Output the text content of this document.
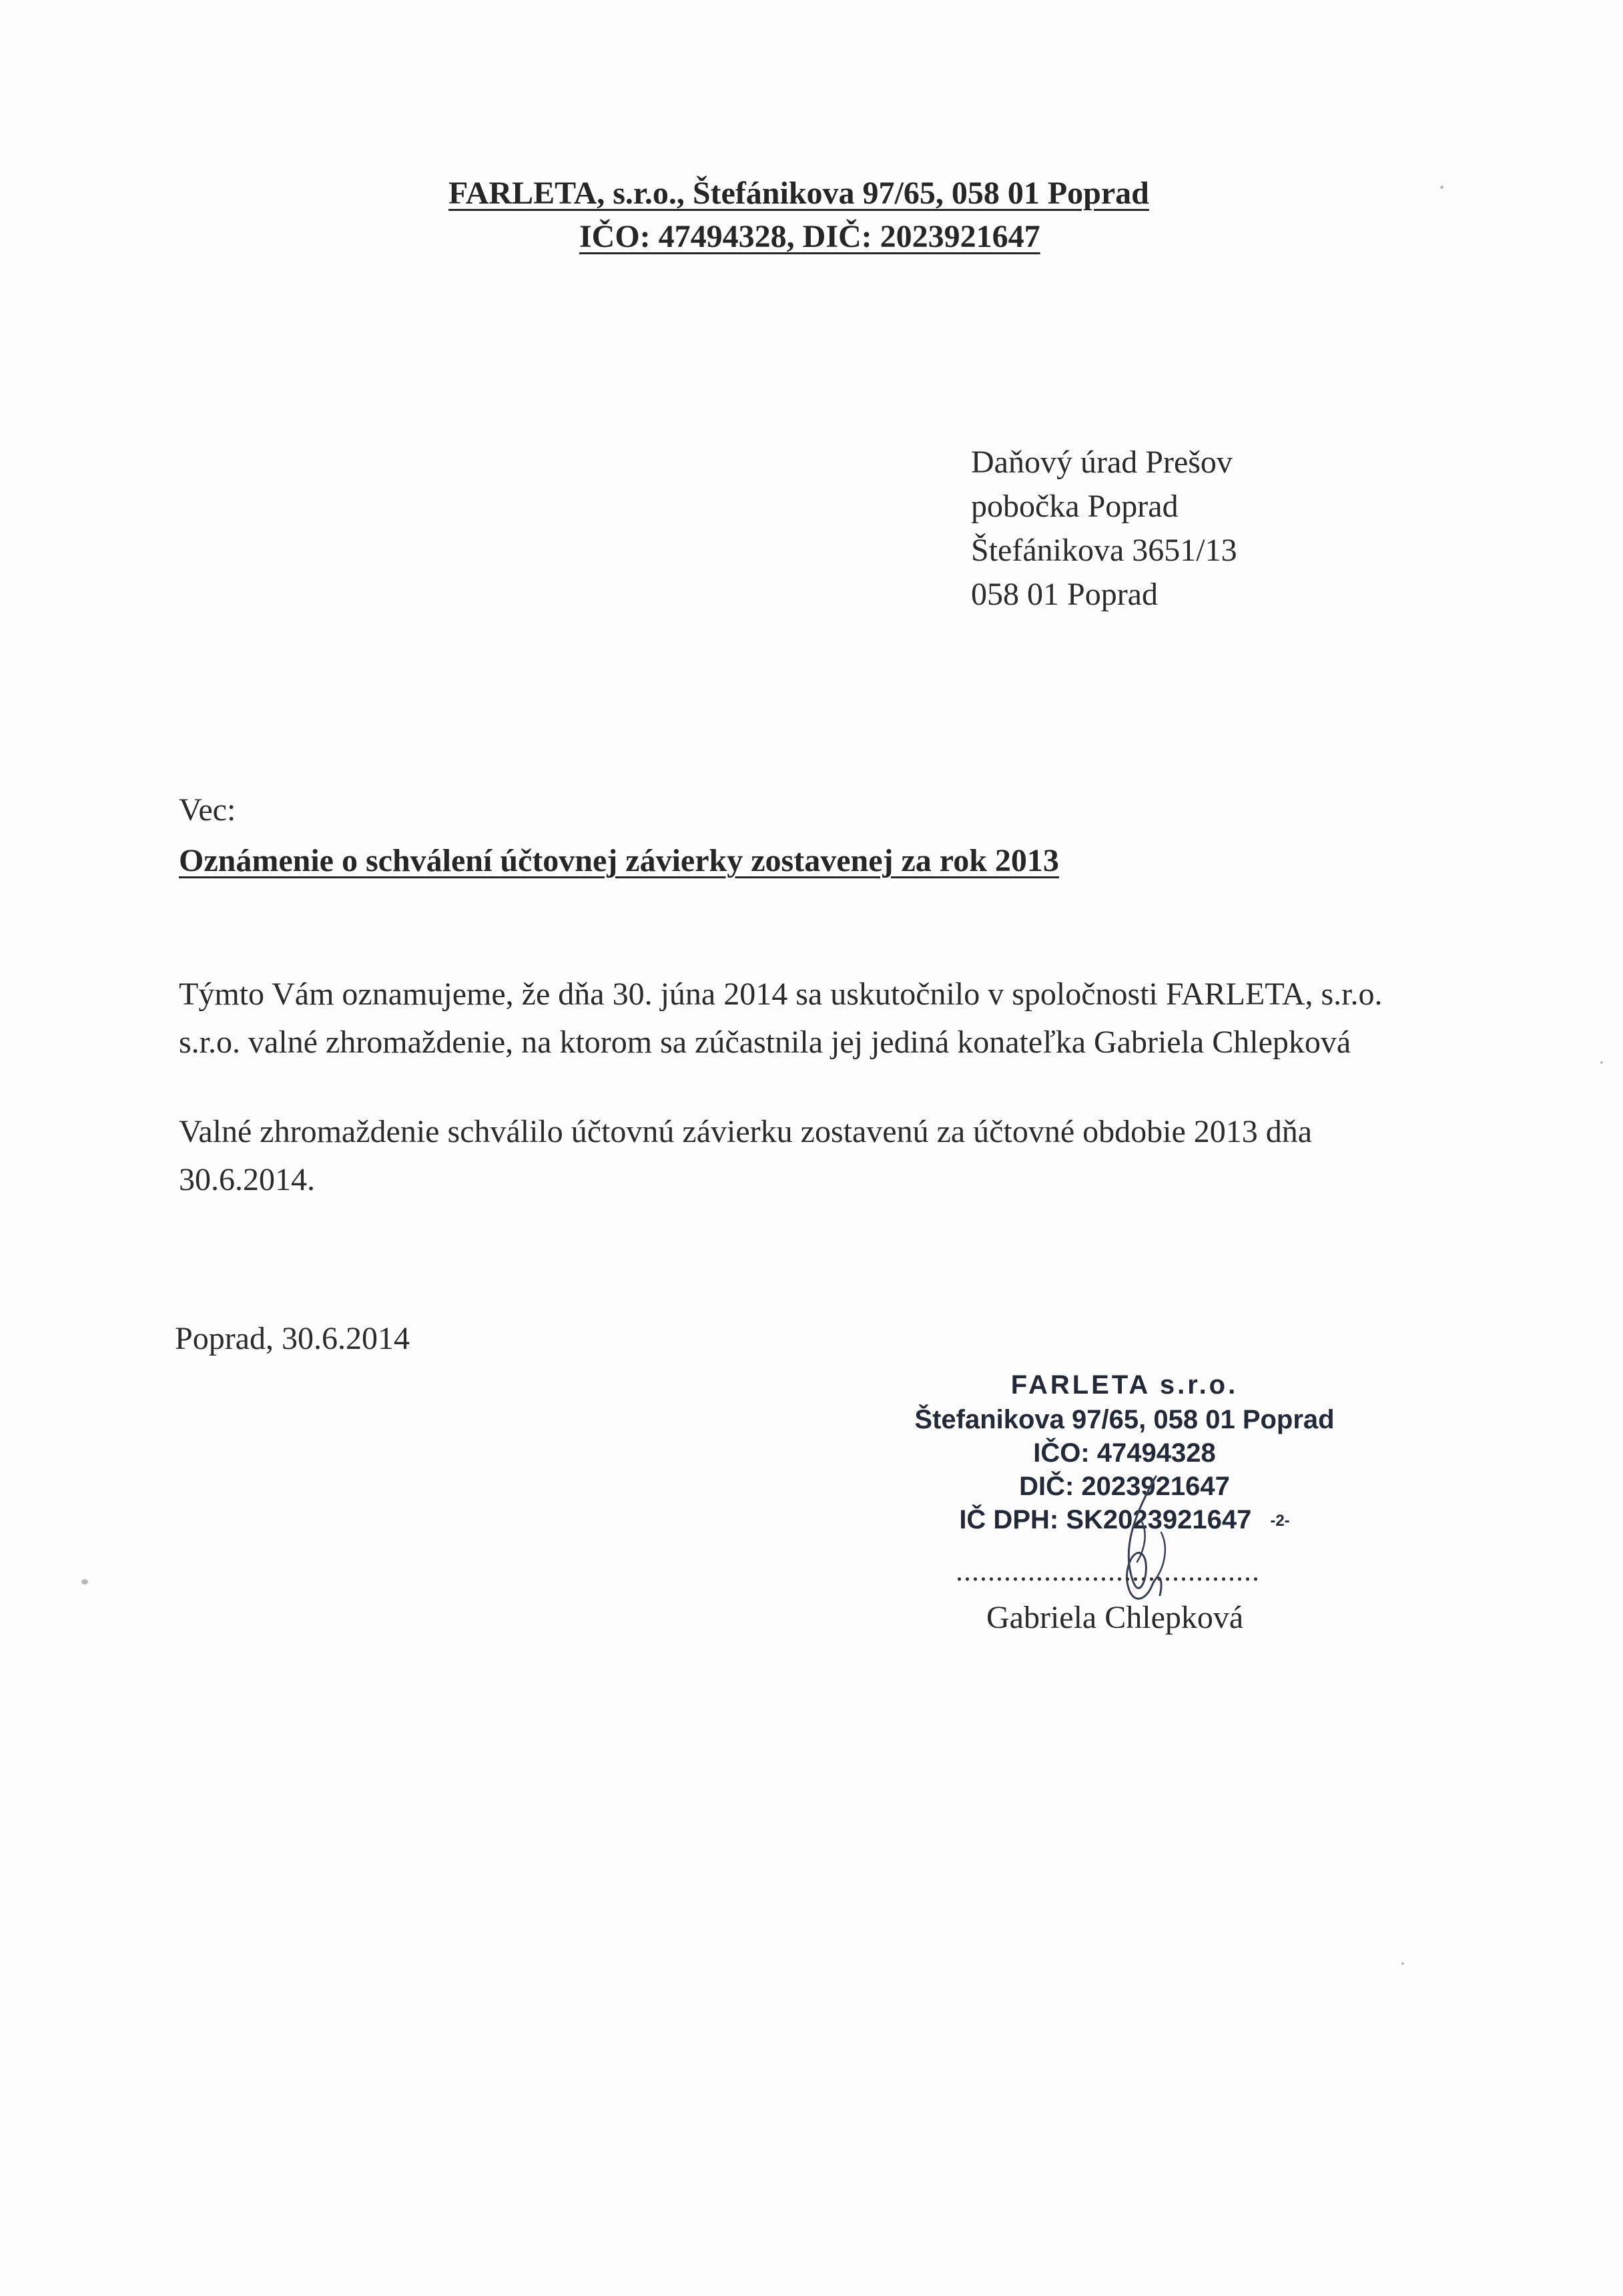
FARLETA, s.r.o., Štefánikova 97/65, 058 01 Poprad
IČO: 47494328, DIČ: 2023921647
Daňový úrad Prešov
pobočka Poprad
Štefánikova 3651/13
058 01 Poprad
Vec:
Oznámenie o schválení účtovnej závierky zostavenej za rok 2013
Týmto Vám oznamujeme, že dňa 30. júna 2014 sa uskutočnilo v spoločnosti FARLETA, s.r.o.
s.r.o. valné zhromaždenie, na ktorom sa zúčastnila jej jediná konateľka Gabriela Chlepková
Valné zhromaždenie schválilo účtovnú závierku zostavenú za účtovné obdobie 2013 dňa
30.6.2014.
Poprad, 30.6.2014
FARLETA s.r.o.
Štefanikova 97/65, 058 01 Poprad
IČO: 47494328
DIČ: 2023921647
IČ DPH: SK2023921647 -2-
......................................
Gabriela Chlepková
